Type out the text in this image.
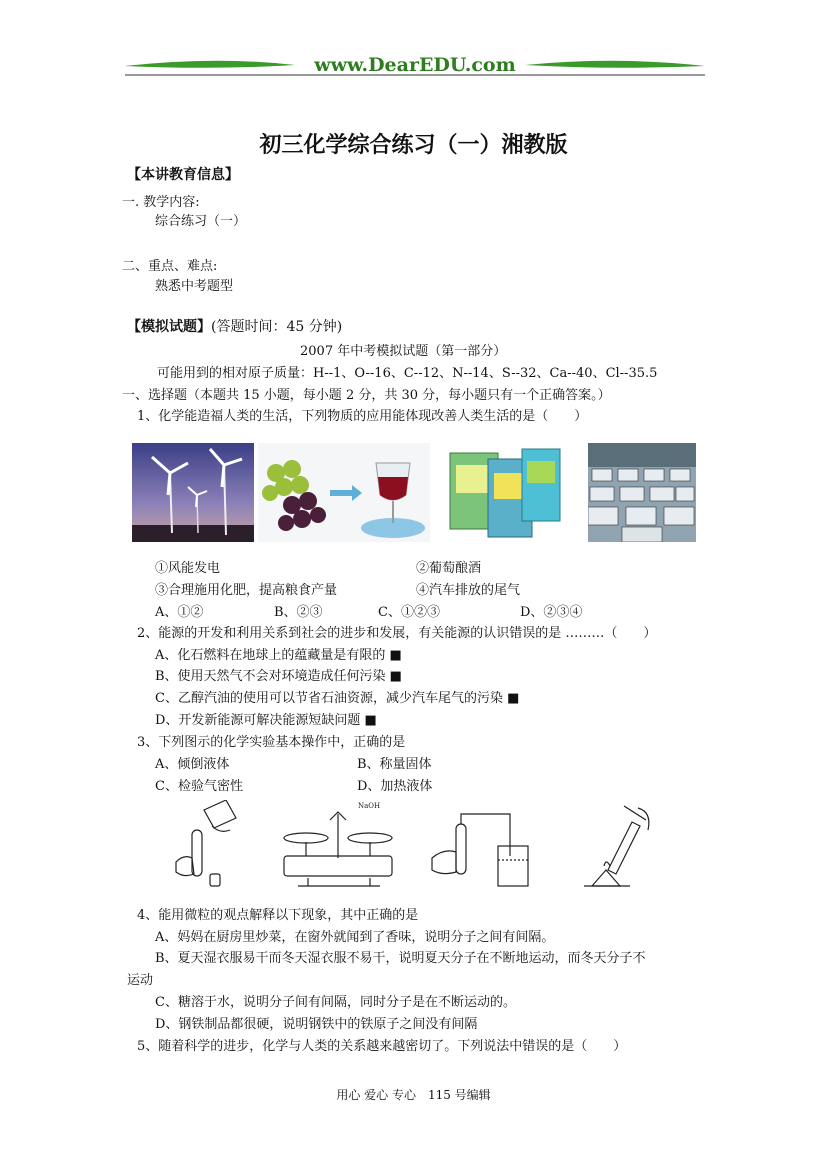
www.DearEDU.com
初三化学综合练习（一）湘教版
【本讲教育信息】
一. 教学内容:
综合练习（一）
二、重点、难点:
熟悉中考题型
【模拟试题】(答题时间：45 分钟)
2007 年中考模拟试题（第一部分）
可能用到的相对原子质量：H--1、O--16、C--12、N--14、S--32、Ca--40、Cl--35.5
一、选择题（本题共 15 小题，每小题 2 分，共 30 分，每小题只有一个正确答案。）
1、化学能造福人类的生活，下列物质的应用能体现改善人类生活的是（　　）
①风能发电	②葡萄酿酒
③合理施用化肥，提高粮食产量	④汽车排放的尾气
A、①②	B、②③	C、①②③	D、②③④
2、能源的开发和利用关系到社会的进步和发展，有关能源的认识错误的是 ………（　　）
A、化石燃料在地球上的蕴藏量是有限的 ■
B、使用天然气不会对环境造成任何污染 ■
C、乙醇汽油的使用可以节省石油资源，减少汽车尾气的污染 ■
D、开发新能源可解决能源短缺问题 ■
3、下列图示的化学实验基本操作中，正确的是
A、倾倒液体	B、称量固体
C、检验气密性	D、加热液体
NaOH
4、能用微粒的观点解释以下现象，其中正确的是
A、妈妈在厨房里炒菜，在窗外就闻到了香味，说明分子之间有间隔。
B、夏天湿衣服易干而冬天湿衣服不易干，说明夏天分子在不断地运动，而冬天分子不
运动
C、糖溶于水，说明分子间有间隔，同时分子是在不断运动的。
D、钢铁制品都很硬，说明钢铁中的铁原子之间没有间隔
5、随着科学的进步，化学与人类的关系越来越密切了。下列说法中错误的是（　　）
用心 爱心 专心　115 号编辑
